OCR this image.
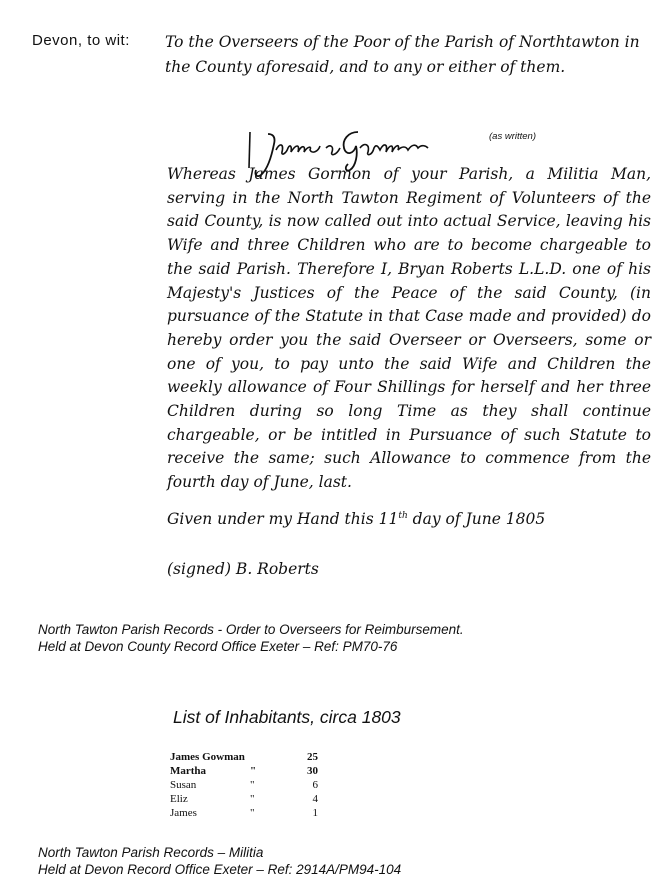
Devon, to wit: To the Overseers of the Poor of the Parish of Northtawton in the County aforesaid, and to any or either of them.
(as written)
Whereas James Gormon of your Parish, a Militia Man, serving in the North Tawton Regiment of Volunteers of the said County, is now called out into actual Service, leaving his Wife and three Children who are to become chargeable to the said Parish. Therefore I, Bryan Roberts L.L.D. one of his Majesty's Justices of the Peace of the said County, (in pursuance of the Statute in that Case made and provided) do hereby order you the said Overseer or Overseers, some or one of you, to pay unto the said Wife and Children the weekly allowance of Four Shillings for herself and her three Children during so long Time as they shall continue chargeable, or be intitled in Pursuance of such Statute to receive the same; such Allowance to commence from the fourth day of June, last.
Given under my Hand this 11th day of June 1805
(signed) B. Roberts
North Tawton Parish Records - Order to Overseers for Reimbursement.
Held at Devon County Record Office Exeter – Ref: PM70-76
List of Inhabitants, circa 1803
James Gowman		25
Martha	"	30
Susan	"	6
Eliz	"	4
James	"	1
North Tawton Parish Records – Militia
Held at Devon Record Office Exeter – Ref: 2914A/PM94-104
